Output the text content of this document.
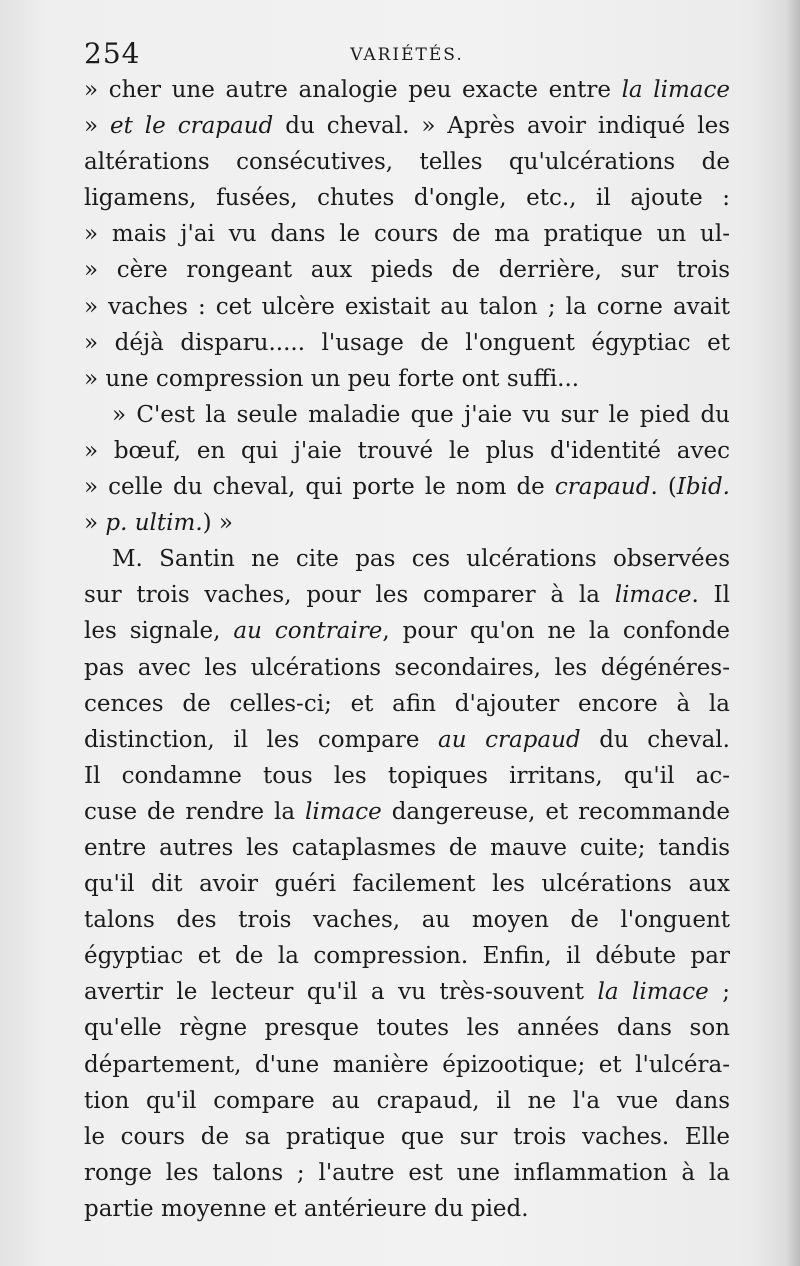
254	VARIÉTÉS.
» cher une autre analogie peu exacte entre la limace
» et le crapaud du cheval. » Après avoir indiqué les
altérations consécutives, telles qu'ulcérations de
ligamens, fusées, chutes d'ongle, etc., il ajoute :
» mais j'ai vu dans le cours de ma pratique un ul-
» cère rongeant aux pieds de derrière, sur trois
» vaches : cet ulcère existait au talon ; la corne avait
» déjà disparu..... l'usage de l'onguent égyptiac et
» une compression un peu forte ont suffi...
» C'est la seule maladie que j'aie vu sur le pied du
» bœuf, en qui j'aie trouvé le plus d'identité avec
» celle du cheval, qui porte le nom de crapaud. (Ibid.
» p. ultim.) »
M. Santin ne cite pas ces ulcérations observées
sur trois vaches, pour les comparer à la limace. Il
les signale, au contraire, pour qu'on ne la confonde
pas avec les ulcérations secondaires, les dégénéres-
cences de celles-ci; et afin d'ajouter encore à la
distinction, il les compare au crapaud du cheval.
Il condamne tous les topiques irritans, qu'il ac-
cuse de rendre la limace dangereuse, et recommande
entre autres les cataplasmes de mauve cuite; tandis
qu'il dit avoir guéri facilement les ulcérations aux
talons des trois vaches, au moyen de l'onguent
égyptiac et de la compression. Enfin, il débute par
avertir le lecteur qu'il a vu très-souvent la limace ;
qu'elle règne presque toutes les années dans son
département, d'une manière épizootique; et l'ulcéra-
tion qu'il compare au crapaud, il ne l'a vue dans
le cours de sa pratique que sur trois vaches. Elle
ronge les talons ; l'autre est une inflammation à la
partie moyenne et antérieure du pied.
